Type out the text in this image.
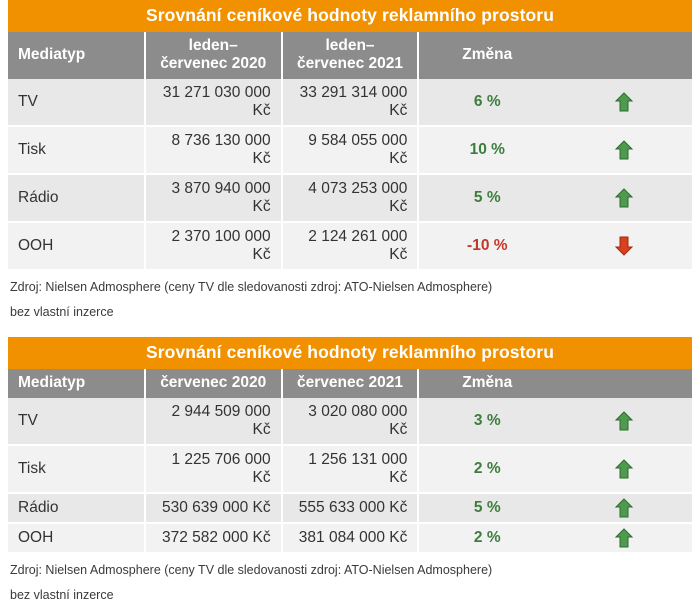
Srovnání ceníkové hodnoty reklamního prostoru				
Mediatyp	leden–červenec 2020	leden–červenec 2021	Změna	
TV	31 271 030 000 Kč	33 291 314 000 Kč	6 %	
Tisk	8 736 130 000 Kč	9 584 055 000 Kč	10 %	
Rádio	3 870 940 000 Kč	4 073 253 000 Kč	5 %	
OOH	2 370 100 000 Kč	2 124 261 000 Kč	-10 %	
Zdroj: Nielsen Admosphere (ceny TV dle sledovanosti zdroj: ATO-Nielsen Admosphere)
bez vlastní inzerce
Srovnání ceníkové hodnoty reklamního prostoru				
Mediatyp	červenec 2020	červenec 2021	Změna	
TV	2 944 509 000 Kč	3 020 080 000 Kč	3 %	
Tisk	1 225 706 000 Kč	1 256 131 000 Kč	2 %	
Rádio	530 639 000 Kč	555 633 000 Kč	5 %	
OOH	372 582 000 Kč	381 084 000 Kč	2 %	
Zdroj: Nielsen Admosphere (ceny TV dle sledovanosti zdroj: ATO-Nielsen Admosphere)
bez vlastní inzerce
